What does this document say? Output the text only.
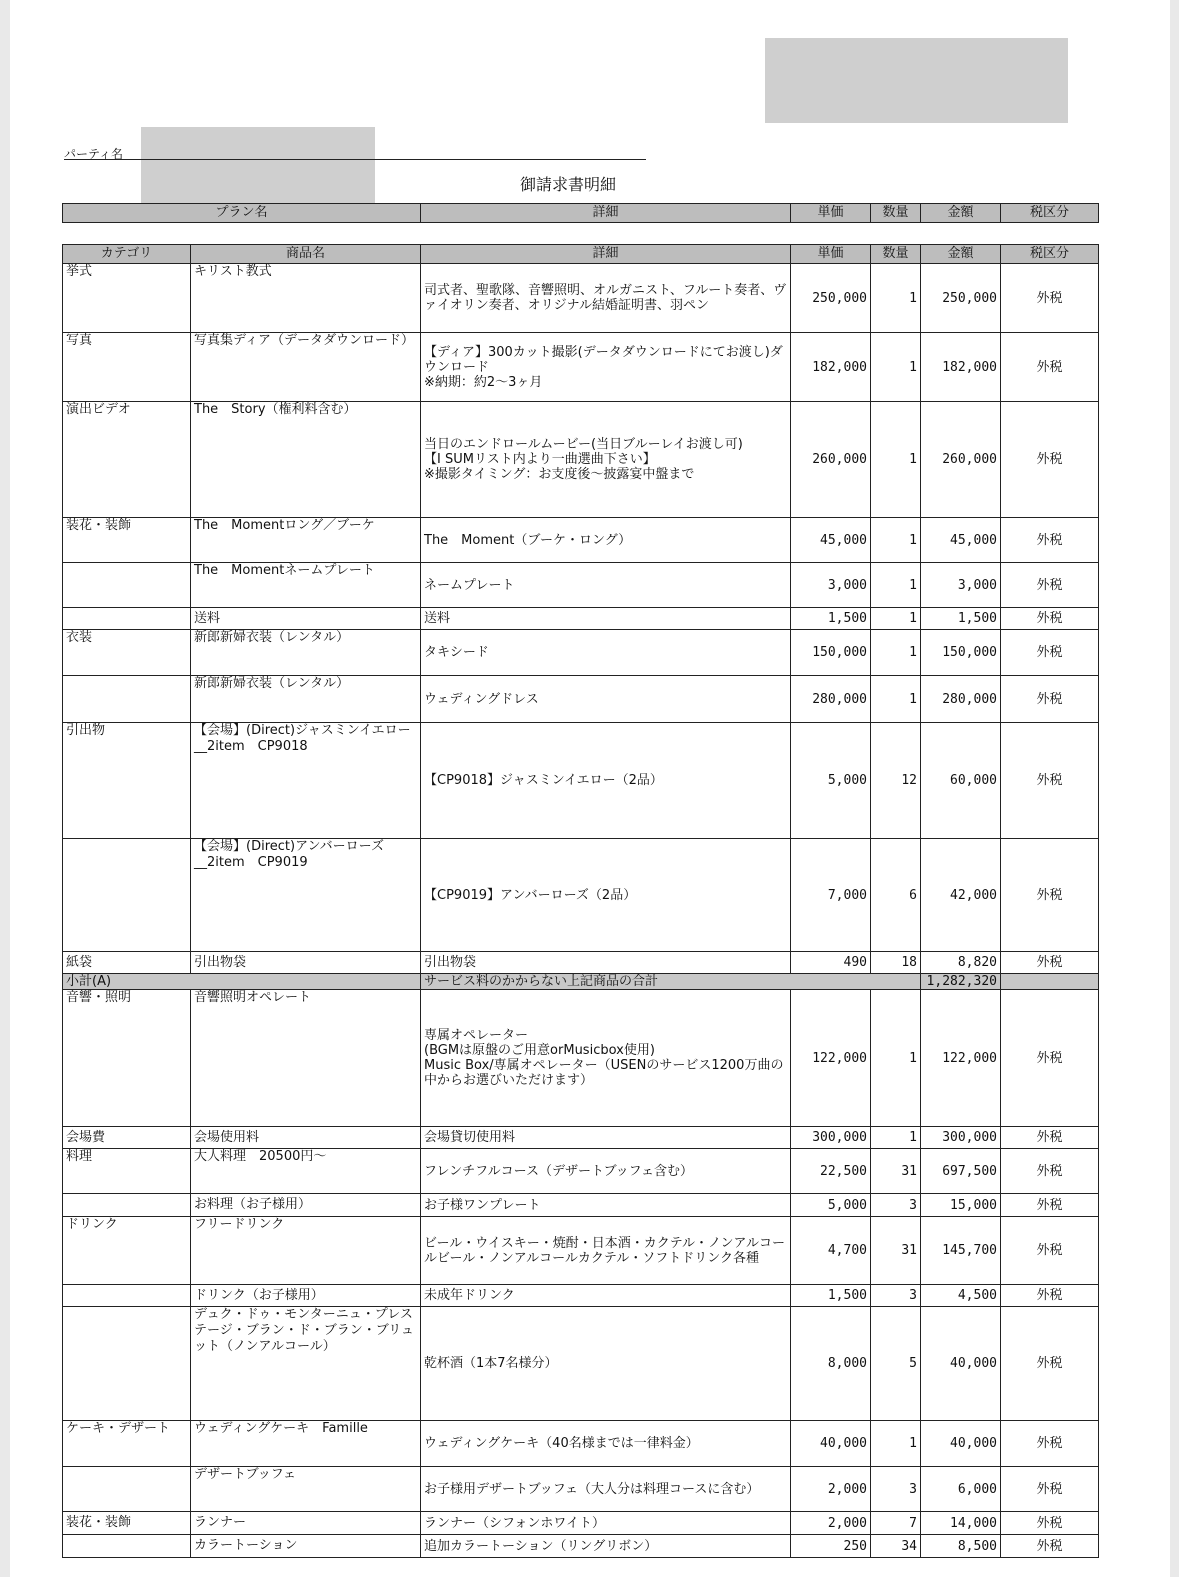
パーティ名
御請求書明細
プラン名	詳細	単価	数量	金額	税区分
カテゴリ	商品名	詳細	単価	数量	金額	税区分
挙式	キリスト教式	司式者、聖歌隊、音響照明、オルガニスト、フルート奏者、ヴァイオリン奏者、オリジナル結婚証明書、羽ペン	250,000	1	250,000	外税
写真	写真集ディア（データダウンロード）	【ディア】300カット撮影(データダウンロードにてお渡し)ダウンロード
※納期：約2～3ヶ月	182,000	1	182,000	外税
演出ビデオ	The　Story（権利料含む）	当日のエンドロールムービー(当日ブルーレイお渡し可)
【I SUMリスト内より一曲選曲下さい】
※撮影タイミング：お支度後～披露宴中盤まで	260,000	1	260,000	外税
装花・装飾	The　Momentロング／ブーケ	The　Moment（ブーケ・ロング）	45,000	1	45,000	外税
	The　Momentネームプレート	ネームプレート	3,000	1	3,000	外税
	送料	送料	1,500	1	1,500	外税
衣装	新郎新婦衣装（レンタル）	タキシード	150,000	1	150,000	外税
	新郎新婦衣装（レンタル）	ウェディングドレス	280,000	1	280,000	外税
引出物	【会場】(Direct)ジャスミンイエロー__2item　CP9018	【CP9018】ジャスミンイエロー（2品）	5,000	12	60,000	外税
	【会場】(Direct)アンバーローズ__2item　CP9019	【CP9019】アンバーローズ（2品）	7,000	6	42,000	外税
紙袋	引出物袋	引出物袋	490	18	8,820	外税
小計(A)		サービス料のかからない上記商品の合計			1,282,320	
音響・照明	音響照明オペレート	専属オペレーター
(BGMは原盤のご用意orMusicbox使用)
Music Box/専属オペレーター（USENのサービス1200万曲の中からお選びいただけます）	122,000	1	122,000	外税
会場費	会場使用料	会場貸切使用料	300,000	1	300,000	外税
料理	大人料理　20500円～	フレンチフルコース（デザートブッフェ含む）	22,500	31	697,500	外税
	お料理（お子様用）	お子様ワンプレート	5,000	3	15,000	外税
ドリンク	フリードリンク	ビール・ウイスキー・焼酎・日本酒・カクテル・ノンアルコールビール・ノンアルコールカクテル・ソフトドリンク各種	4,700	31	145,700	外税
	ドリンク（お子様用）	未成年ドリンク	1,500	3	4,500	外税
	デュク・ドゥ・モンターニュ・プレステージ・ブラン・ド・ブラン・ブリュット（ノンアルコール）	乾杯酒（1本7名様分）	8,000	5	40,000	外税
ケーキ・デザート	ウェディングケーキ　Famille	ウェディングケーキ（40名様までは一律料金）	40,000	1	40,000	外税
	デザートブッフェ	お子様用デザートブッフェ（大人分は料理コースに含む）	2,000	3	6,000	外税
装花・装飾	ランナー	ランナー（シフォンホワイト）	2,000	7	14,000	外税
	カラートーション	追加カラートーション（リングリボン）	250	34	8,500	外税
